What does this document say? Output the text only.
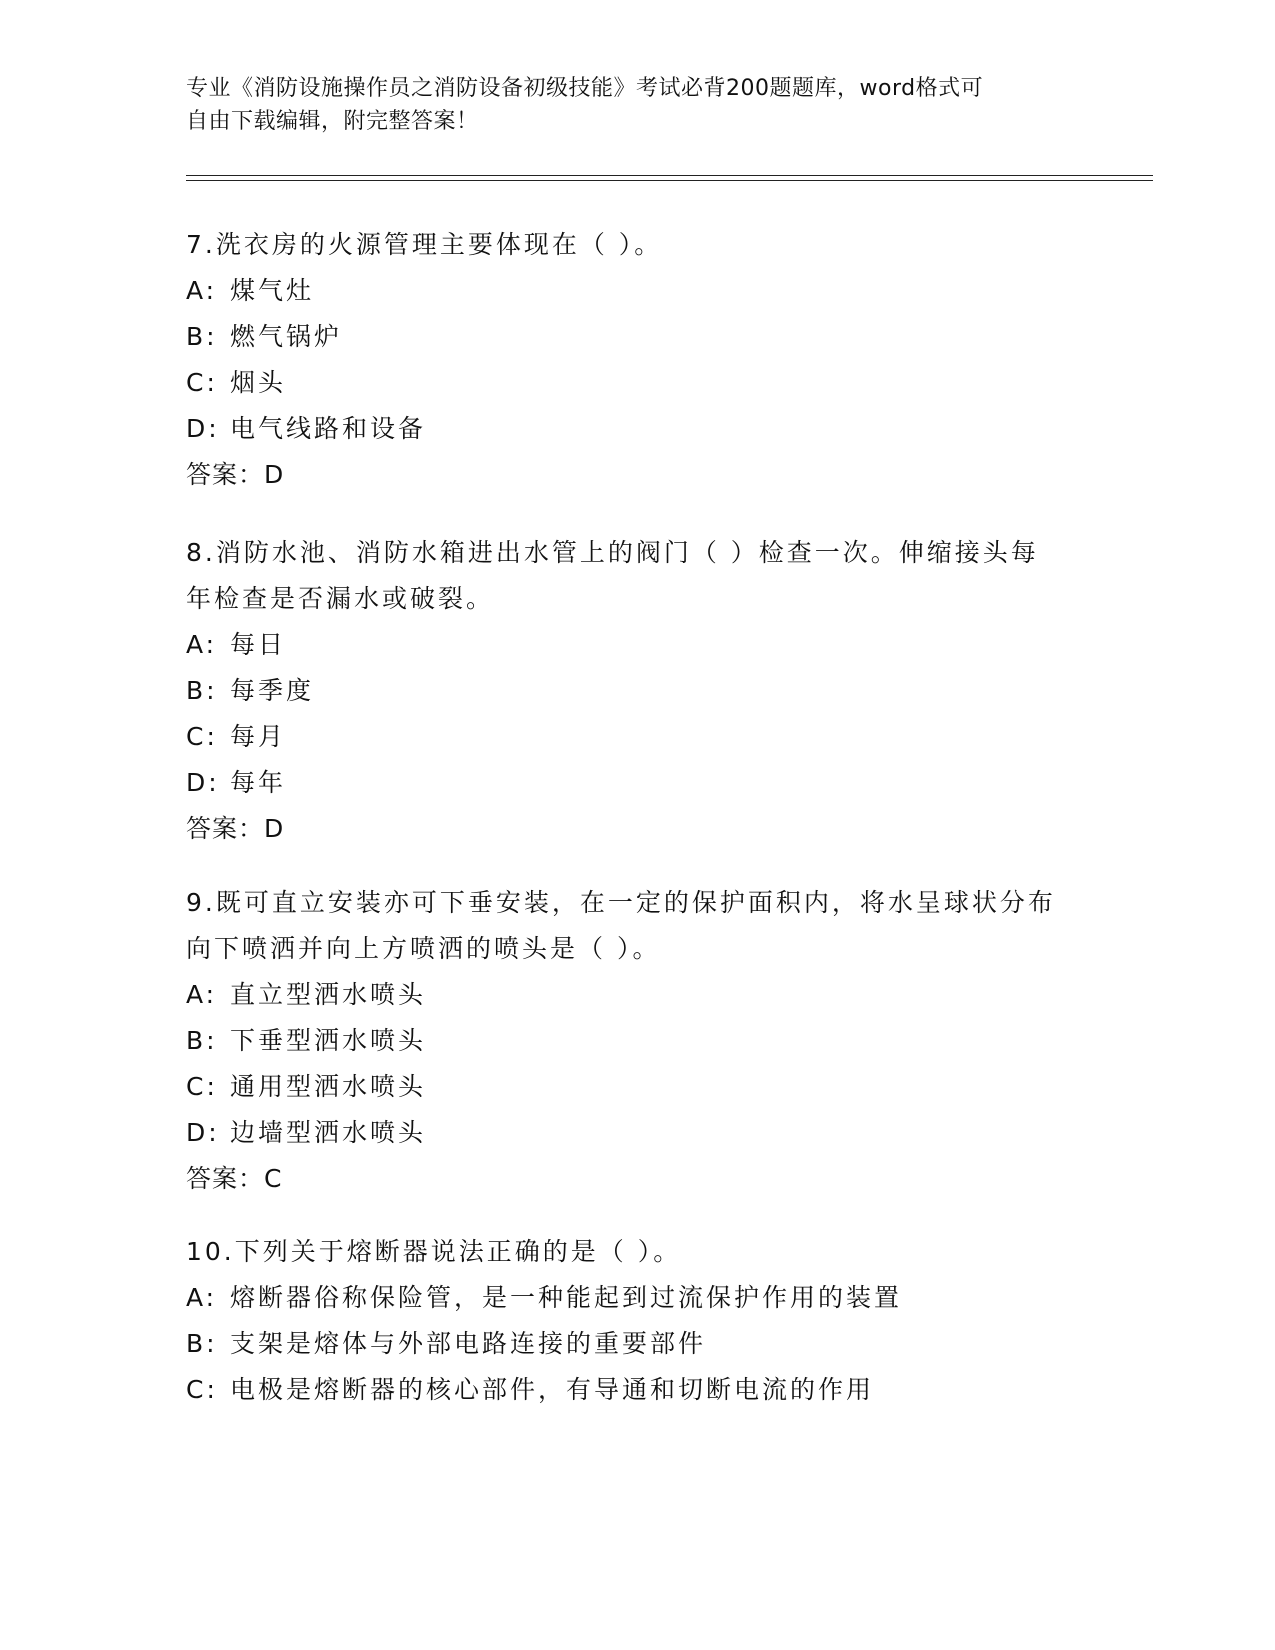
专业《消防设施操作员之消防设备初级技能》考试必背200题题库，word格式可

自由下载编辑，附完整答案！

7.洗衣房的火源管理主要体现在（ ）。

A: 煤气灶

B: 燃气锅炉

C: 烟头

D: 电气线路和设备

答案：D

8.消防水池、消防水箱进出水管上的阀门（ ）检查一次。伸缩接头每年检查是否漏水或破裂。

A: 每日

B: 每季度

C: 每月

D: 每年

答案：D

9.既可直立安装亦可下垂安装，在一定的保护面积内，将水呈球状分布向下喷洒并向上方喷洒的喷头是（ ）。

A: 直立型洒水喷头

B: 下垂型洒水喷头

C: 通用型洒水喷头

D: 边墙型洒水喷头

答案：C

10.下列关于熔断器说法正确的是（ ）。

A: 熔断器俗称保险管，是一种能起到过流保护作用的装置

B: 支架是熔体与外部电路连接的重要部件

C: 电极是熔断器的核心部件，有导通和切断电流的作用
